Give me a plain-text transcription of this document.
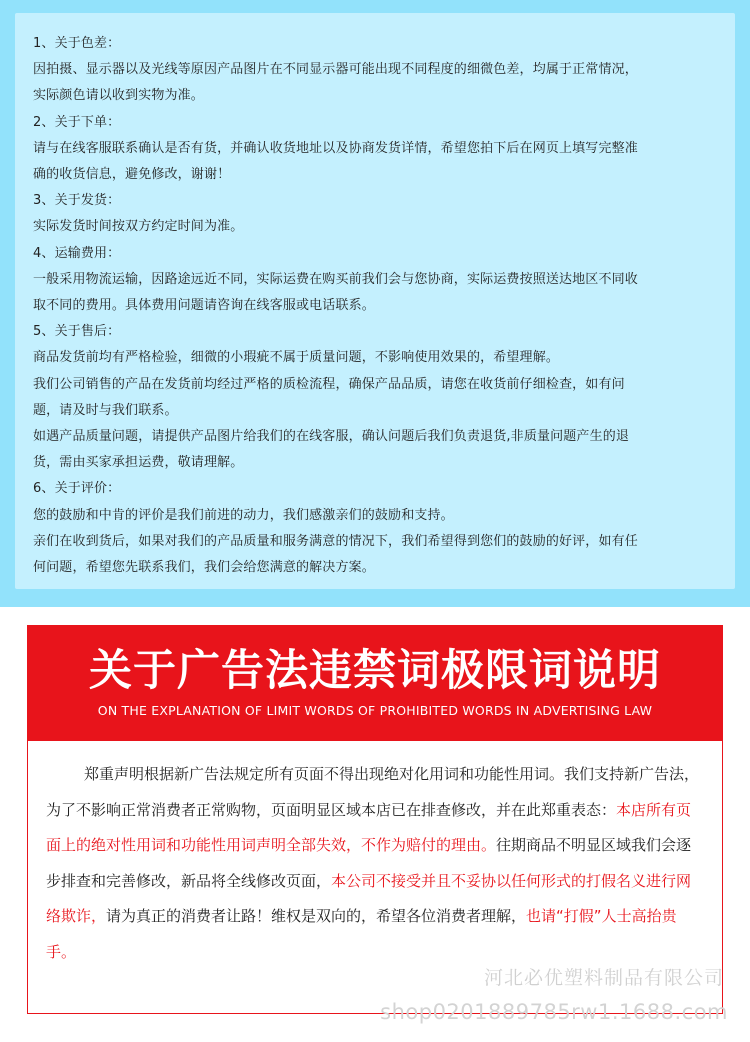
1、关于色差：
因拍摄、显示器以及光线等原因产品图片在不同显示器可能出现不同程度的细微色差，均属于正常情况，
实际颜色请以收到实物为准。
2、关于下单：
请与在线客服联系确认是否有货，并确认收货地址以及协商发货详情，希望您拍下后在网页上填写完整准
确的收货信息，避免修改，谢谢！
3、关于发货：
实际发货时间按双方约定时间为准。
4、运输费用：
一般采用物流运输，因路途远近不同，实际运费在购买前我们会与您协商，实际运费按照送达地区不同收
取不同的费用。具体费用问题请咨询在线客服或电话联系。
5、关于售后：
商品发货前均有严格检验，细微的小瑕疵不属于质量问题，不影响使用效果的，希望理解。
我们公司销售的产品在发货前均经过严格的质检流程，确保产品品质，请您在收货前仔细检查，如有问
题，请及时与我们联系。
如遇产品质量问题，请提供产品图片给我们的在线客服，确认问题后我们负责退货,非质量问题产生的退
货，需由买家承担运费，敬请理解。
6、关于评价：
您的鼓励和中肯的评价是我们前进的动力，我们感激亲们的鼓励和支持。
亲们在收到货后，如果对我们的产品质量和服务满意的情况下，我们希望得到您们的鼓励的好评，如有任
何问题，希望您先联系我们，我们会给您满意的解决方案。
关于广告法违禁词极限词说明
ON THE EXPLANATION OF LIMIT WORDS OF PROHIBITED WORDS IN ADVERTISING LAW
郑重声明根据新广告法规定所有页面不得出现绝对化用词和功能性用词。我们支持新广告法，为了不影响正常消费者正常购物，页面明显区域本店已在排查修改，并在此郑重表态：本店所有页面上的绝对性用词和功能性用词声明全部失效，不作为赔付的理由。往期商品不明显区域我们会逐步排查和完善修改，新品将全线修改页面，本公司不接受并且不妥协以任何形式的打假名义进行网络欺诈，请为真正的消费者让路！维权是双向的，希望各位消费者理解，也请“打假”人士高抬贵手。
河北必优塑料制品有限公司
shop0201889785rw1.1688.com
